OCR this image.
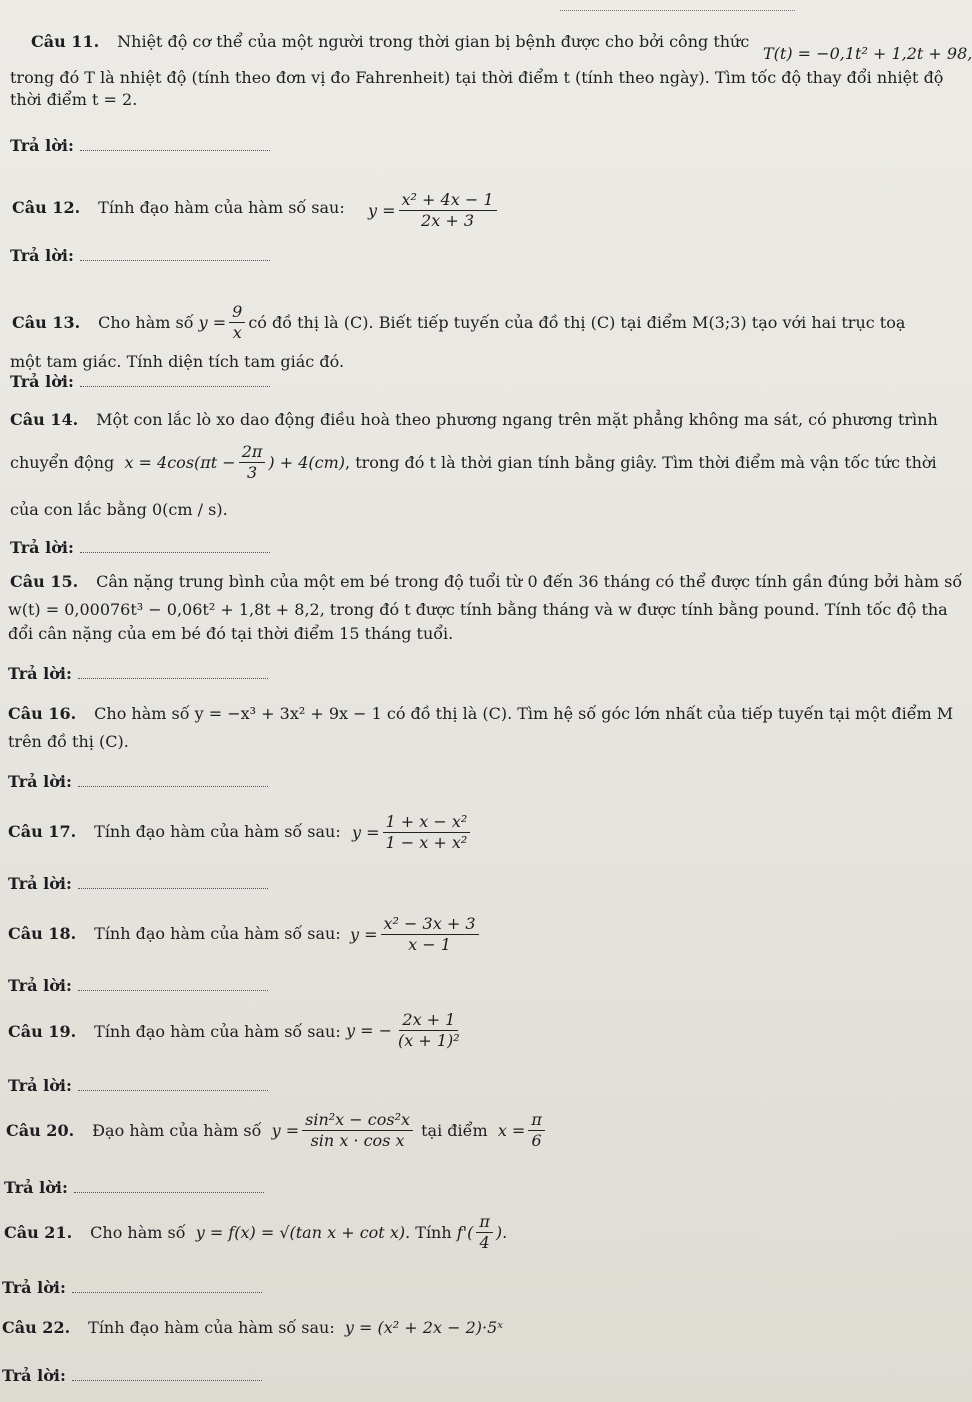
Câu 11. Nhiệt độ cơ thể của một người trong thời gian bị bệnh được cho bởi công thức
T(t) = −0,1t² + 1,2t + 98,
trong đó T là nhiệt độ (tính theo đơn vị đo Fahrenheit) tại thời điểm t (tính theo ngày). Tìm tốc độ thay đổi nhiệt độ
thời điểm t = 2.
Trả lời:
Câu 12. Tính đạo hàm của hàm số sau: $y = \frac{\text{x² + 4x − 1}}{2x + 3}$
Trả lời:
Câu 13. Cho hàm số
$y = \frac{9}{x}$ có đồ thị là (C). Biết tiếp tuyến của đồ thị (C) tại điểm M(3;3) tạo với hai trục toạ
một tam giác. Tính diện tích tam giác đó.
Trả lời:
Câu 14. Một con lắc lò xo dao động điều hoà theo phương ngang trên mặt phẳng không ma sát, có phương trình
chuyển động
$x = 4\cos(\pi t - \frac{2\pi}{3}$ ) + 4(cm) , trong đó t là thời gian tính bằng giây. Tìm thời điểm mà vận tốc tức thời
của con lắc bằng 0(cm / s).
Trả lời:
Câu 15. Cân nặng trung bình của một em bé trong độ tuổi từ 0 đến 36 tháng có thể được tính gần đúng bởi hàm số
w(t) = 0,00076t³ − 0,06t² + 1,8t + 8,2, trong đó t được tính bằng tháng và w được tính bằng pound. Tính tốc độ tha
đổi cân nặng của em bé đó tại thời điểm 15 tháng tuổi.
Trả lời:
Câu 16. Cho hàm số y = −x³ + 3x² + 9x − 1 có đồ thị là (C). Tìm hệ số góc lớn nhất của tiếp tuyến tại một điểm M
trên đồ thị (C).
Trả lời:
Câu 17. Tính đạo hàm của hàm số sau: $y = \frac{\text{1 + x − x²}}{\text{1 − x + x²}}$
Trả lời:
Câu 18. Tính đạo hàm của hàm số sau: $y = \frac{\text{x² − 3x + 3}}{x - 1}$
Trả lời:
Câu 19. Tính đạo hàm của hàm số sau: y = − $\frac{2x + 1}{\text{(x + 1)²}}$
Trả lời:
Câu 20. Đạo hàm của hàm số
$y = \frac{\text{sin²x − cos²x}}{\text{sin x · cos x}}$
tại điểm
$x = \frac{\pi}{6}$
Trả lời:
Câu 21. Cho hàm số
y = f(x) = √(tan x + cot x) . Tính
$f'( \frac{\pi}{4}$ ).
Trả lời:
Câu 22. Tính đạo hàm của hàm số sau: y = (x² + 2x − 2)·5ˣ
Trả lời:
